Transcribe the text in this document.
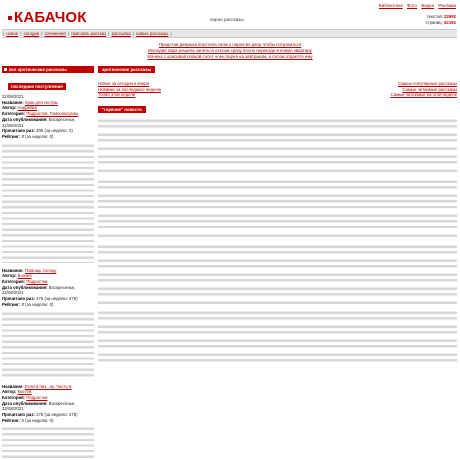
КАБАЧОК	порно рассказы
Библиотека Фото Видео Реклама
текстов: 22692
страниц: 52191
| новое | сегодня | сочинения | прислать рассказ | рассылка | новые рассказы |
Представ девушка впустила своего парня во двор чтобы потрахаться
Молодая пара решила заняться сексом сразу после переезда в новую квартиру
Мачеха с красивой попкой сосет член парня на завтраком, а потом отдается ему
все эротические рассказы
последние поступления
22/08/2021
Название: Урок для сестры
Автор: Андрейка
Категория: Подростки, Гомосексуалы
Дата опубликования: Воскресенье, 22/08/2021
Прочитано раз: 205 (за неделю: 0)
Рейтинг: 0 (за неделю: 0)
Название: Помощь соседу
Автор: Бэзнев
Категория: Подростки
Дата опубликования: Воскресенье, 22/08/2021
Прочитано раз: 475 (за неделю: 475)
Рейтинг: 0 (за неделю: 0)
Название: Если в пиз...ну. Часть 8
Автор: Костей
Категория: Подростки
Дата опубликования: Воскресенье, 22/08/2021
Прочитано раз: 279 (за неделю: 279)
Рейтинг: 0 (за неделю: 0)
эротические рассказы
Новое за сегодня и вчера
Новинки за последнюю неделю
Топ50 этой недели
Самые популярные рассказы
Самые читаемые рассказы
Самые читаемые на этой неделе
"горячие" новости
